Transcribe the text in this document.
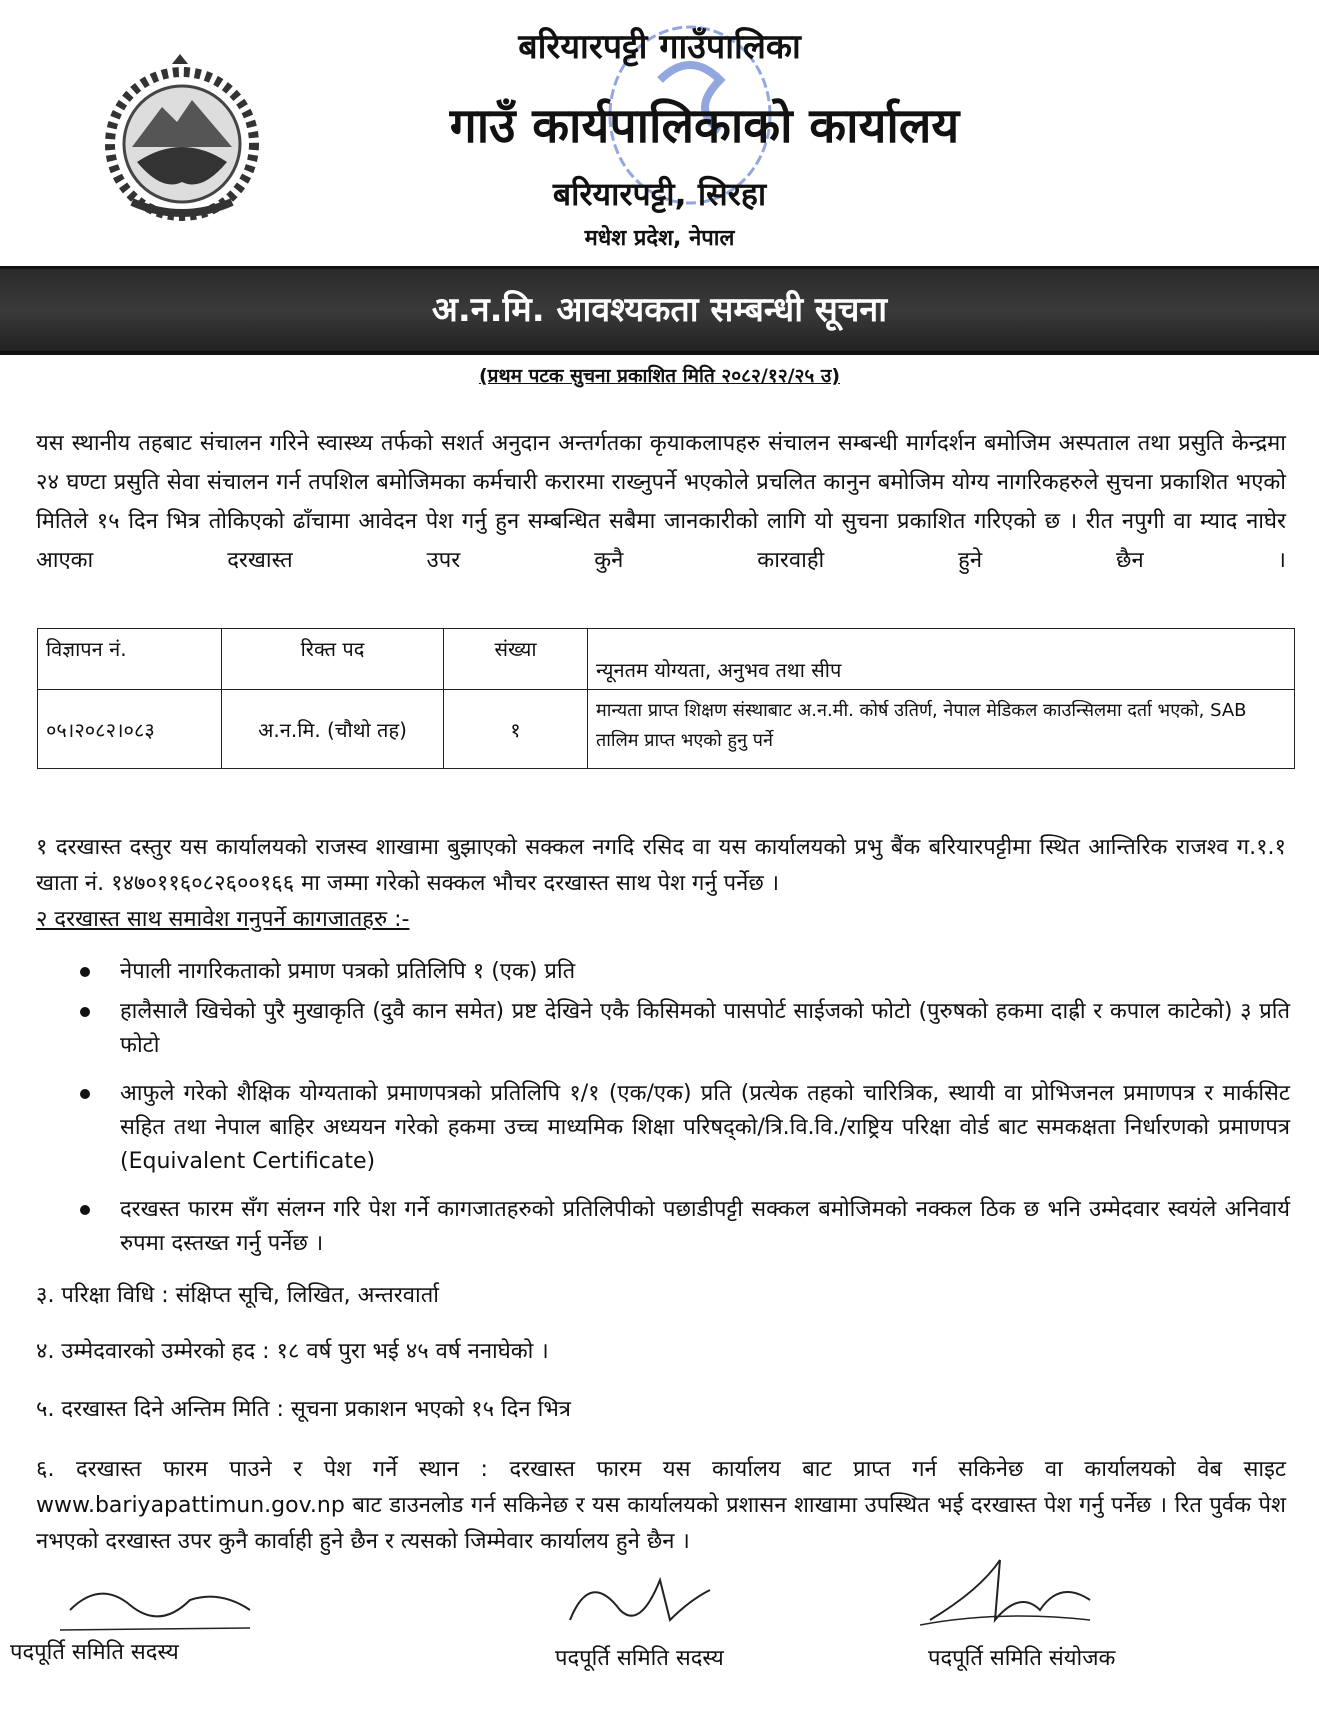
बरियारपट्टी गाउँपालिका
गाउँ कार्यपालिकाको कार्यालय
बरियारपट्टी, सिरहा
मधेश प्रदेश, नेपाल
अ.न.मि. आवश्यकता सम्बन्धी सूचना
(प्रथम पटक सुचना प्रकाशित मिति २०८२/१२/२५ उ)
यस स्थानीय तहबाट संचालन गरिने स्वास्थ्य तर्फको सशर्त अनुदान अन्तर्गतका कृयाकलापहरु संचालन सम्बन्धी मार्गदर्शन बमोजिम अस्पताल तथा प्रसुति केन्द्रमा २४ घण्टा प्रसुति सेवा संचालन गर्न तपशिल बमोजिमका कर्मचारी करारमा राख्नुपर्ने भएकोले प्रचलित कानुन बमोजिम योग्य नागरिकहरुले सुचना प्रकाशित भएको मितिले १५ दिन भित्र तोकिएको ढाँचामा आवेदन पेश गर्नु हुन सम्बन्धित सबैमा जानकारीको लागि यो सुचना प्रकाशित गरिएको छ । रीत नपुगी वा म्याद नाघेर आएका दरखास्त उपर कुनै कारवाही हुने छैन ।
विज्ञापन नं.	रिक्त पद	संख्या	न्यूनतम योग्यता, अनुभव तथा सीप
०५।२०८२।०८३	अ.न.मि. (चौथो तह)	१	मान्यता प्राप्त शिक्षण संस्थाबाट अ.न.मी. कोर्ष उतिर्ण, नेपाल मेडिकल काउन्सिलमा दर्ता भएको, SAB तालिम प्राप्त भएको हुनु पर्ने
१ दरखास्त दस्तुर यस कार्यालयको राजस्व शाखामा बुझाएको सक्कल नगदि रसिद वा यस कार्यालयको प्रभु बैंक बरियारपट्टीमा स्थित आन्तिरिक राजश्व ग.१.१ खाता नं. १४७०११६०८२६००१६६ मा जम्मा गरेको सक्कल भौचर दरखास्त साथ पेश गर्नु पर्नेछ ।
२ दरखास्त साथ समावेश गनुपर्ने कागजातहरु :-
नेपाली नागरिकताको प्रमाण पत्रको प्रतिलिपि १ (एक) प्रति
हालैसालै खिचेको पुरै मुखाकृति (दुवै कान समेत) प्रष्ट देखिने एकै किसिमको पासपोर्ट साईजको फोटो (पुरुषको हकमा दाह्री र कपाल काटेको) ३ प्रति फोटो
आफुले गरेको शैक्षिक योग्यताको प्रमाणपत्रको प्रतिलिपि १/१ (एक/एक) प्रति (प्रत्येक तहको चारित्रिक, स्थायी वा प्रोभिजनल प्रमाणपत्र र मार्कसिट सहित तथा नेपाल बाहिर अध्ययन गरेको हकमा उच्च माध्यमिक शिक्षा परिषद्को/त्रि.वि.वि./राष्ट्रिय परिक्षा वोर्ड बाट समकक्षता निर्धारणको प्रमाणपत्र (Equivalent Certificate)
दरखस्त फारम सँग संलग्न गरि पेश गर्ने कागजातहरुको प्रतिलिपीको पछाडीपट्टी सक्कल बमोजिमको नक्कल ठिक छ भनि उम्मेदवार स्वयंले अनिवार्य रुपमा दस्तख्त गर्नु पर्नेछ ।
३. परिक्षा विधि : संक्षिप्त सूचि, लिखित, अन्तरवार्ता
४. उम्मेदवारको उम्मेरको हद : १८ वर्ष पुरा भई ४५ वर्ष ननाघेको ।
५. दरखास्त दिने अन्तिम मिति : सूचना प्रकाशन भएको १५ दिन भित्र
६. दरखास्त फारम पाउने र पेश गर्ने स्थान : दरखास्त फारम यस कार्यालय बाट प्राप्त गर्न सकिनेछ वा कार्यालयको वेब साइट www.bariyapattimun.gov.np बाट डाउनलोड गर्न सकिनेछ र यस कार्यालयको प्रशासन शाखामा उपस्थित भई दरखास्त पेश गर्नु पर्नेछ । रित पुर्वक पेश नभएको दरखास्त उपर कुनै कार्वाही हुने छैन र त्यसको जिम्मेवार कार्यालय हुने छैन ।
पदपूर्ति समिति सदस्य	पदपूर्ति समिति सदस्य	पदपूर्ति समिति संयोजक
